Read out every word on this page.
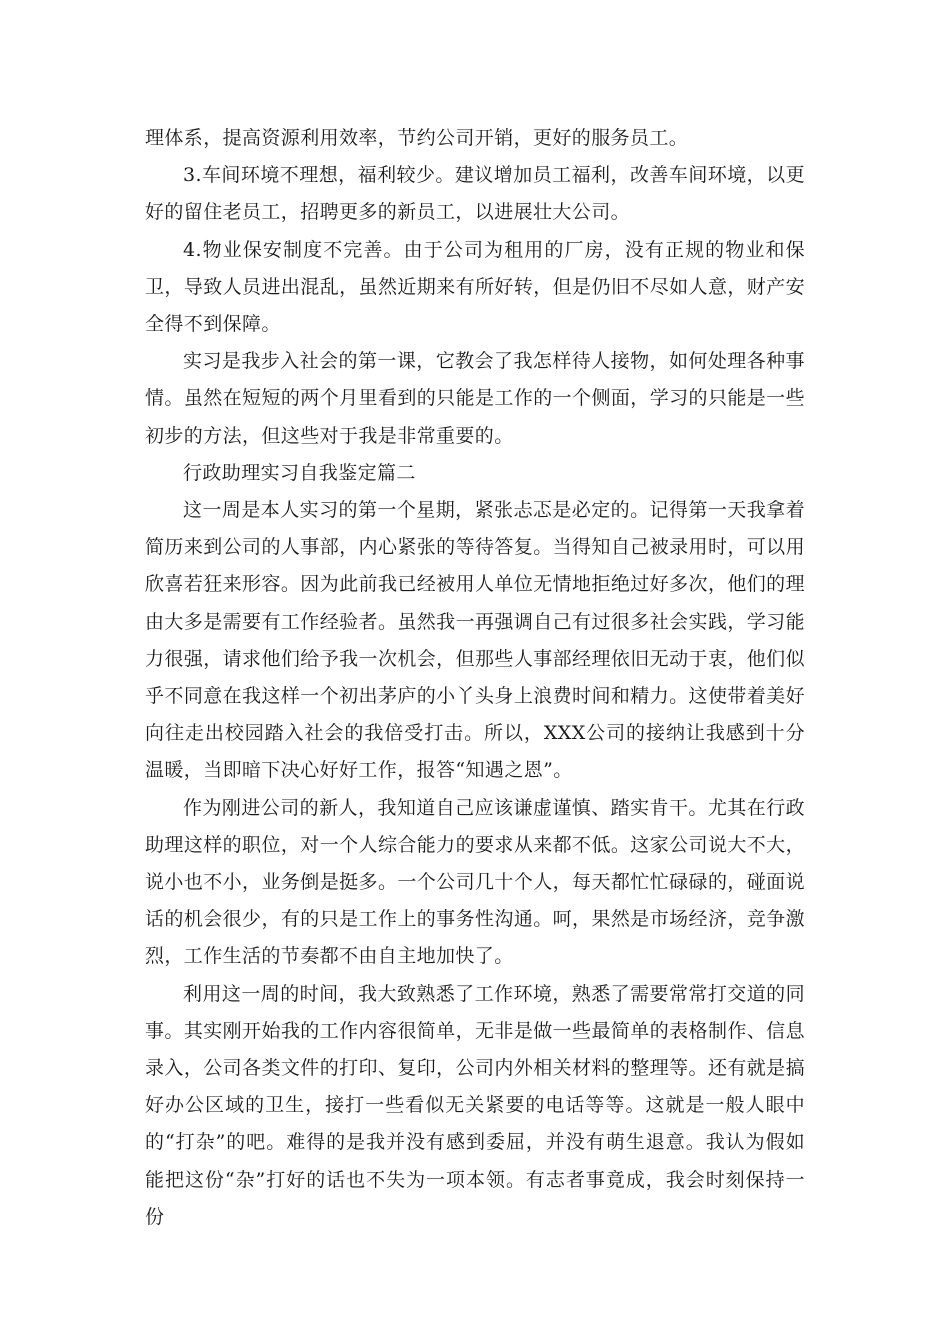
理体系，提高资源利用效率，节约公司开销，更好的服务员工。

3.车间环境不理想，福利较少。建议增加员工福利，改善车间环境，以更好的留住老员工，招聘更多的新员工，以进展壮大公司。

4.物业保安制度不完善。由于公司为租用的厂房，没有正规的物业和保卫，导致人员进出混乱，虽然近期来有所好转，但是仍旧不尽如人意，财产安全得不到保障。

实习是我步入社会的第一课，它教会了我怎样待人接物，如何处理各种事情。虽然在短短的两个月里看到的只能是工作的一个侧面，学习的只能是一些初步的方法，但这些对于我是非常重要的。

行政助理实习自我鉴定篇二

这一周是本人实习的第一个星期，紧张忐忑是必定的。记得第一天我拿着简历来到公司的人事部，内心紧张的等待答复。当得知自己被录用时，可以用欣喜若狂来形容。因为此前我已经被用人单位无情地拒绝过好多次，他们的理由大多是需要有工作经验者。虽然我一再强调自己有过很多社会实践，学习能力很强，请求他们给予我一次机会，但那些人事部经理依旧无动于衷，他们似乎不同意在我这样一个初出茅庐的小丫头身上浪费时间和精力。这使带着美好向往走出校园踏入社会的我倍受打击。所以，XXX公司的接纳让我感到十分温暖，当即暗下决心好好工作，报答“知遇之恩”。

作为刚进公司的新人，我知道自己应该谦虚谨慎、踏实肯干。尤其在行政助理这样的职位，对一个人综合能力的要求从来都不低。这家公司说大不大，说小也不小，业务倒是挺多。一个公司几十个人，每天都忙忙碌碌的，碰面说话的机会很少，有的只是工作上的事务性沟通。呵，果然是市场经济，竞争激烈，工作生活的节奏都不由自主地加快了。

利用这一周的时间，我大致熟悉了工作环境，熟悉了需要常常打交道的同事。其实刚开始我的工作内容很简单，无非是做一些最简单的表格制作、信息录入，公司各类文件的打印、复印，公司内外相关材料的整理等。还有就是搞好办公区域的卫生，接打一些看似无关紧要的电话等等。这就是一般人眼中的“打杂”的吧。难得的是我并没有感到委屈，并没有萌生退意。我认为假如能把这份“杂”打好的话也不失为一项本领。有志者事竟成，我会时刻保持一份
